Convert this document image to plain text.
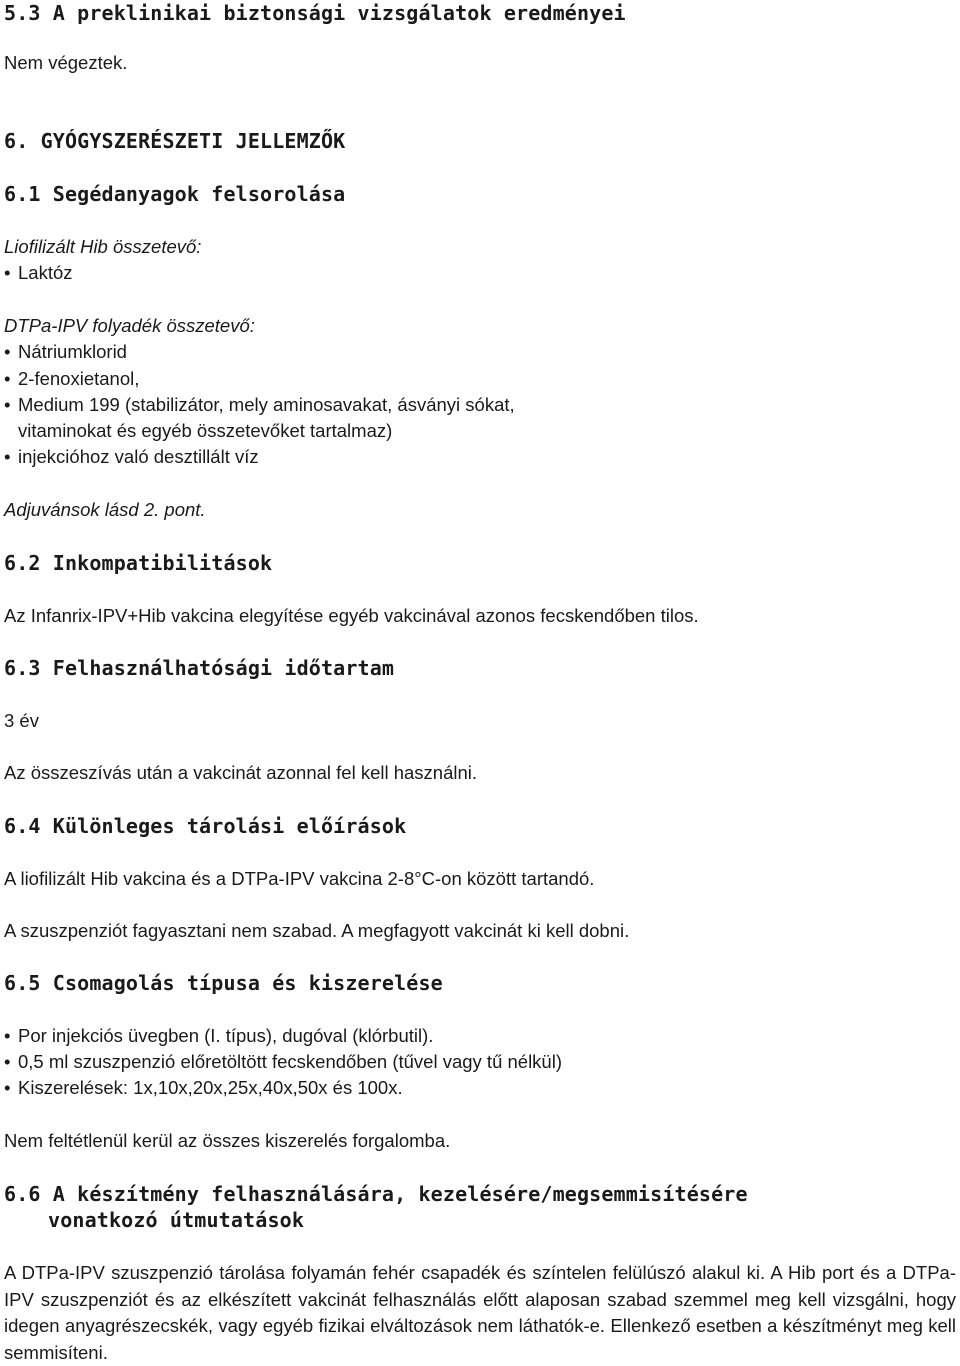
5.3 A preklinikai biztonsági vizsgálatok eredményei
Nem végeztek.
6. GYÓGYSZERÉSZETI JELLEMZŐK
6.1 Segédanyagok felsorolása
Liofilizált Hib összetevő:
• Laktóz
DTPa-IPV folyadék összetevő:
• Nátriumklorid
• 2-fenoxietanol,
• Medium 199 (stabilizátor, mely aminosavakat, ásványi sókat,
vitaminokat és egyéb összetevőket tartalmaz)
• injekcióhoz való desztillált víz
Adjuvánsok lásd 2. pont.
6.2 Inkompatibilitások
Az Infanrix-IPV+Hib vakcina elegyítése egyéb vakcinával azonos fecskendőben tilos.
6.3 Felhasználhatósági időtartam
3 év
Az összeszívás után a vakcinát azonnal fel kell használni.
6.4 Különleges tárolási előírások
A liofilizált Hib vakcina és a DTPa-IPV vakcina 2-8°C-on között tartandó.
A szuszpenziót fagyasztani nem szabad. A megfagyott vakcinát ki kell dobni.
6.5 Csomagolás típusa és kiszerelése
• Por injekciós üvegben (I. típus), dugóval (klórbutil).
• 0,5 ml szuszpenzió előretöltött fecskendőben (tűvel vagy tű nélkül)
• Kiszerelések: 1x,10x,20x,25x,40x,50x és 100x.
Nem feltétlenül kerül az összes kiszerelés forgalomba.
6.6 A készítmény felhasználására, kezelésére/megsemmisítésére
vonatkozó útmutatások
A DTPa-IPV szuszpenzió tárolása folyamán fehér csapadék és színtelen felülúszó alakul ki. A Hib port és a DTPa-IPV szuszpenziót és az elkészített vakcinát felhasználás előtt alaposan szabad szemmel meg kell vizsgálni, hogy idegen anyagrészecskék, vagy egyéb fizikai elváltozások nem láthatók-e. Ellenkező esetben a készítményt meg kell semmisíteni.
